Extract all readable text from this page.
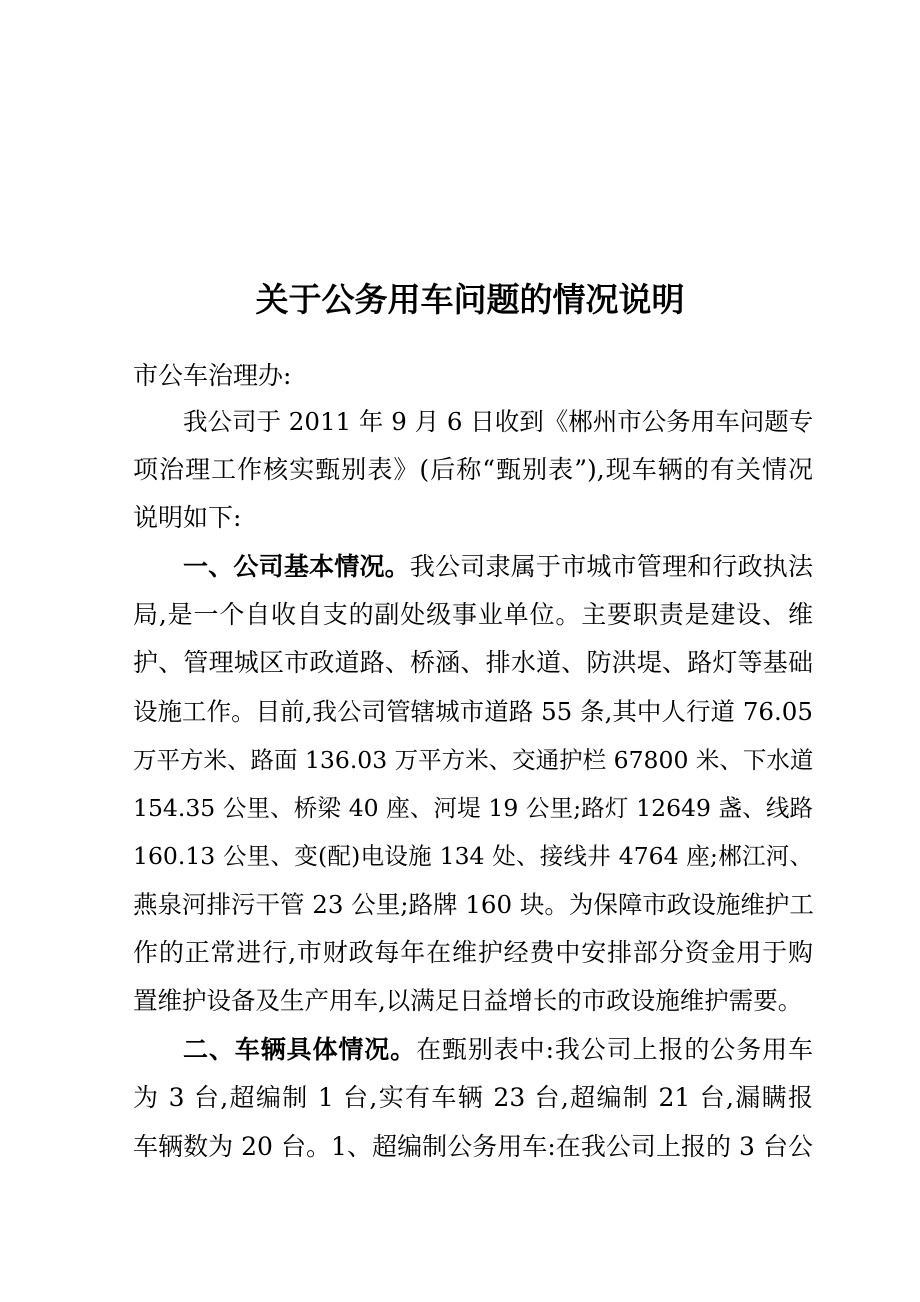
关于公务用车问题的情况说明
市公车治理办:
我公司于 2011 年 9 月 6 日收到《郴州市公务用车问题专
项治理工作核实甄别表》(后称“甄别表”),现车辆的有关情况
说明如下:
一、公司基本情况。我公司隶属于市城市管理和行政执法
局,是一个自收自支的副处级事业单位。主要职责是建设、维
护、管理城区市政道路、桥涵、排水道、防洪堤、路灯等基础
设施工作。目前,我公司管辖城市道路 55 条,其中人行道 76.05
万平方米、路面 136.03 万平方米、交通护栏 67800 米、下水道
154.35 公里、桥梁 40 座、河堤 19 公里;路灯 12649 盏、线路
160.13 公里、变(配)电设施 134 处、接线井 4764 座;郴江河、
燕泉河排污干管 23 公里;路牌 160 块。为保障市政设施维护工
作的正常进行,市财政每年在维护经费中安排部分资金用于购
置维护设备及生产用车,以满足日益增长的市政设施维护需要。
二、车辆具体情况。在甄别表中:我公司上报的公务用车
为 3 台,超编制 1 台,实有车辆 23 台,超编制 21 台,漏瞒报
车辆数为 20 台。1、超编制公务用车:在我公司上报的 3 台公
